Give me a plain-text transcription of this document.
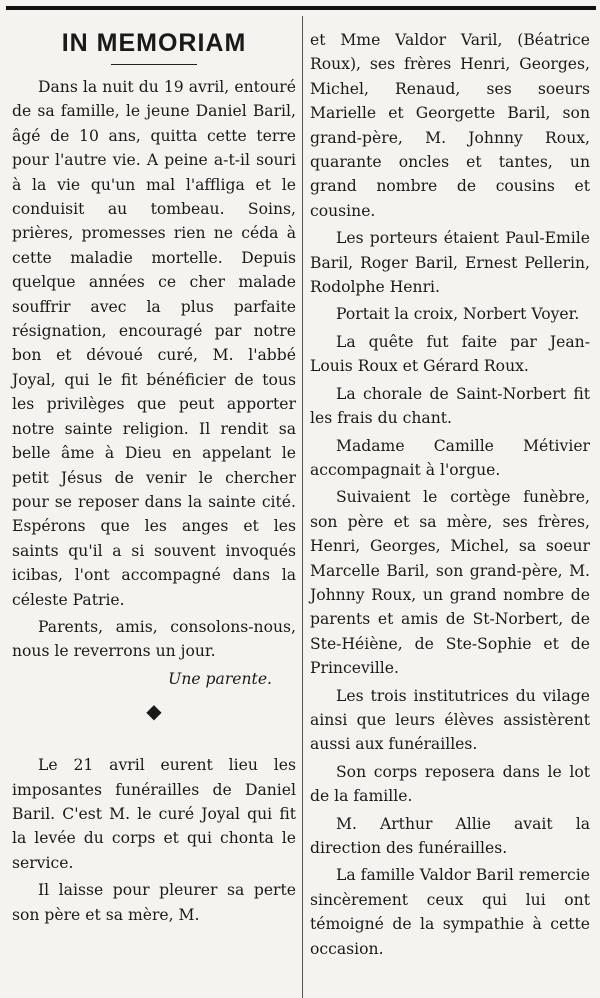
IN MEMORIAM

Dans la nuit du 19 avril, entouré de sa famille, le jeune Daniel Baril, âgé de 10 ans, quitta cette terre pour l'autre vie. A peine a-t-il souri à la vie qu'un mal l'affliga et le conduisit au tombeau. Soins, prières, promesses rien ne céda à cette maladie mortelle. Depuis quelque années ce cher malade souffrir avec la plus parfaite résignation, encouragé par notre bon et dévoué curé, M. l'abbé Joyal, qui le fit bénéficier de tous les privilèges que peut apporter notre sainte religion. Il rendit sa belle âme à Dieu en appelant le petit Jésus de venir le chercher pour se reposer dans la sainte cité. Espérons que les anges et les saints qu'il a si souvent invoqués icibas, l'ont accompagné dans la céleste Patrie.

Parents, amis, consolons-nous, nous le reverrons un jour.

Une parente.
◆

Le 21 avril eurent lieu les imposantes funérailles de Daniel Baril. C'est M. le curé Joyal qui fit la levée du corps et qui chonta le service.

Il laisse pour pleurer sa perte son père et sa mère, M.

et Mme Valdor Varil, (Béatrice Roux), ses frères Henri, Georges, Michel, Renaud, ses soeurs Marielle et Georgette Baril, son grand-père, M. Johnny Roux, quarante oncles et tantes, un grand nombre de cousins et cousine.

Les porteurs étaient Paul-Emile Baril, Roger Baril, Ernest Pellerin, Rodolphe Henri.

Portait la croix, Norbert Voyer.

La quête fut faite par Jean-Louis Roux et Gérard Roux.

La chorale de Saint-Norbert fit les frais du chant.

Madame Camille Métivier accompagnait à l'orgue.

Suivaient le cortège funèbre, son père et sa mère, ses frères, Henri, Georges, Michel, sa soeur Marcelle Baril, son grand-père, M. Johnny Roux, un grand nombre de parents et amis de St-Norbert, de Ste-Héiène, de Ste-Sophie et de Princeville.

Les trois institutrices du vilage ainsi que leurs élèves assistèrent aussi aux funérailles.

Son corps reposera dans le lot de la famille.

M. Arthur Allie avait la direction des funérailles.

La famille Valdor Baril remercie sincèrement ceux qui lui ont témoigné de la sympathie à cette occasion.
